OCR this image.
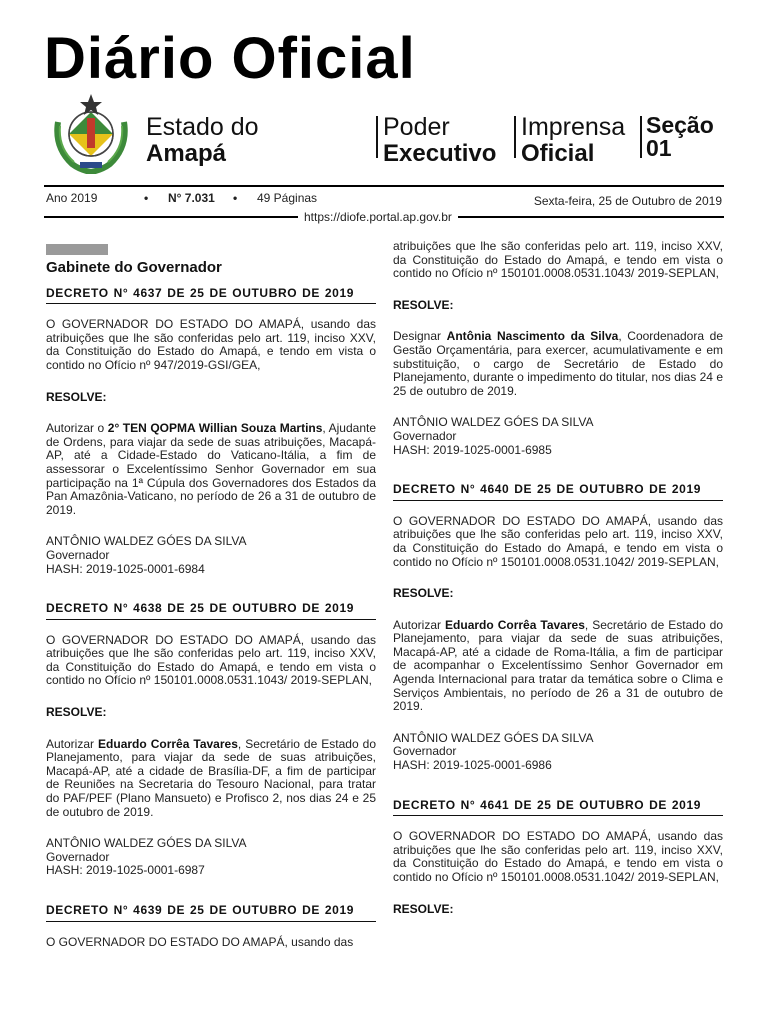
Diário Oficial
Estado do
Amapá
Poder
Executivo
Imprensa
Oficial
Seção
01
Ano 2019	• N° 7.031 • 49 Páginas	Sexta-feira, 25 de Outubro de 2019
https://diofe.portal.ap.gov.br
Gabinete do Governador
DECRETO N° 4637 DE 25 DE OUTUBRO DE 2019

O GOVERNADOR DO ESTADO DO AMAPÁ, usando das atribuições que lhe são conferidas pelo art. 119, inciso XXV, da Constituição do Estado do Amapá, e tendo em vista o contido no Ofício nº 947/2019-GSI/GEA,

RESOLVE:

Autorizar o 2° TEN QOPMA Willian Souza Martins, Ajudante de Ordens, para viajar da sede de suas atribuições, Macapá-AP, até a Cidade-Estado do Vaticano-Itália, a fim de assessorar o Excelentíssimo Senhor Governador em sua participação na 1ª Cúpula dos Governadores dos Estados da Pan Amazônia-Vaticano, no período de 26 a 31 de outubro de 2019.

ANTÔNIO WALDEZ GÓES DA SILVA
Governador
HASH: 2019-1025-0001-6984

DECRETO N° 4638 DE 25 DE OUTUBRO DE 2019

O GOVERNADOR DO ESTADO DO AMAPÁ, usando das atribuições que lhe são conferidas pelo art. 119, inciso XXV, da Constituição do Estado do Amapá, e tendo em vista o contido no Ofício nº 150101.0008.0531.1043/ 2019-SEPLAN,

RESOLVE:

Autorizar Eduardo Corrêa Tavares, Secretário de Estado do Planejamento, para viajar da sede de suas atribuições, Macapá-AP, até a cidade de Brasília-DF, a fim de participar de Reuniões na Secretaria do Tesouro Nacional, para tratar do PAF/PEF (Plano Mansueto) e Profisco 2, nos dias 24 e 25 de outubro de 2019.

ANTÔNIO WALDEZ GÓES DA SILVA
Governador
HASH: 2019-1025-0001-6987

DECRETO N° 4639 DE 25 DE OUTUBRO DE 2019

O GOVERNADOR DO ESTADO DO AMAPÁ, usando das

atribuições que lhe são conferidas pelo art. 119, inciso XXV, da Constituição do Estado do Amapá, e tendo em vista o contido no Ofício nº 150101.0008.0531.1043/ 2019-SEPLAN,

RESOLVE:

Designar Antônia Nascimento da Silva, Coordenadora de Gestão Orçamentária, para exercer, acumulativamente e em substituição, o cargo de Secretário de Estado do Planejamento, durante o impedimento do titular, nos dias 24 e 25 de outubro de 2019.

ANTÔNIO WALDEZ GÓES DA SILVA
Governador
HASH: 2019-1025-0001-6985

DECRETO N° 4640 DE 25 DE OUTUBRO DE 2019

O GOVERNADOR DO ESTADO DO AMAPÁ, usando das atribuições que lhe são conferidas pelo art. 119, inciso XXV, da Constituição do Estado do Amapá, e tendo em vista o contido no Ofício nº 150101.0008.0531.1042/ 2019-SEPLAN,

RESOLVE:

Autorizar Eduardo Corrêa Tavares, Secretário de Estado do Planejamento, para viajar da sede de suas atribuições, Macapá-AP, até a cidade de Roma-Itália, a fim de participar de acompanhar o Excelentíssimo Senhor Governador em Agenda Internacional para tratar da temática sobre o Clima e Serviços Ambientais, no período de 26 a 31 de outubro de 2019.

ANTÔNIO WALDEZ GÓES DA SILVA
Governador
HASH: 2019-1025-0001-6986

DECRETO N° 4641 DE 25 DE OUTUBRO DE 2019

O GOVERNADOR DO ESTADO DO AMAPÁ, usando das atribuições que lhe são conferidas pelo art. 119, inciso XXV, da Constituição do Estado do Amapá, e tendo em vista o contido no Ofício nº 150101.0008.0531.1042/ 2019-SEPLAN,

RESOLVE:
